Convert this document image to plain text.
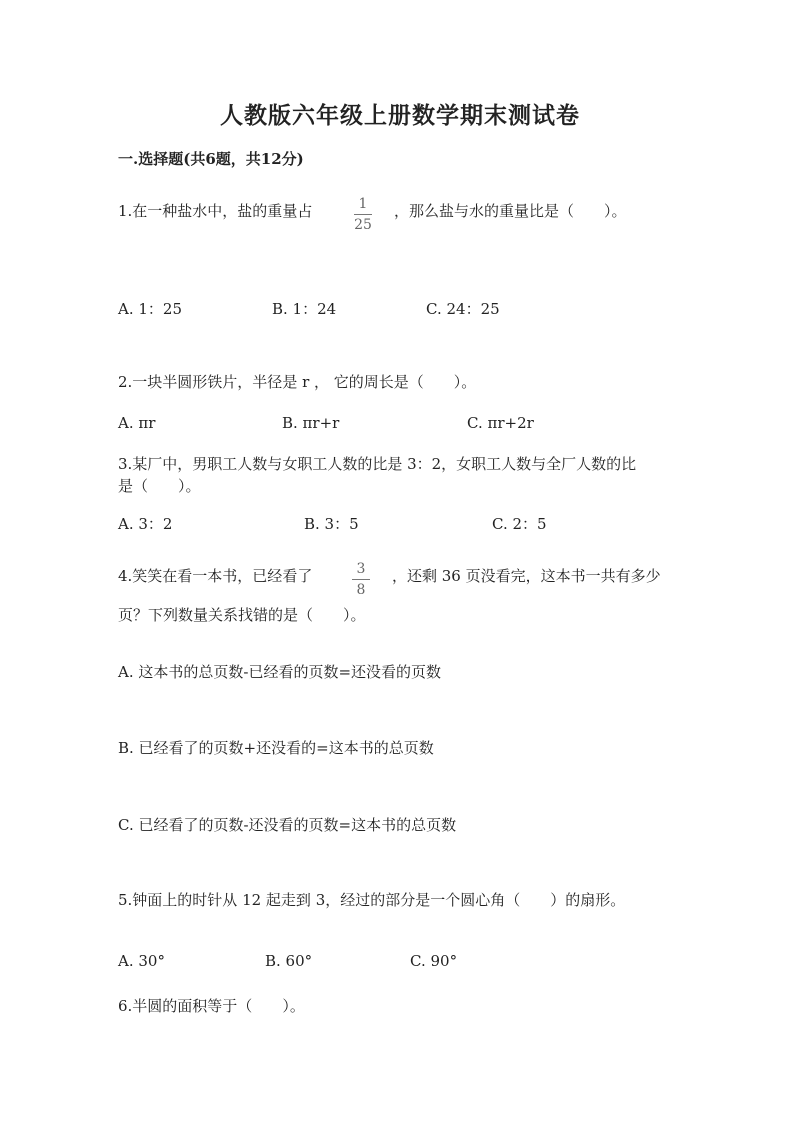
人教版六年级上册数学期末测试卷
一.选择题(共6题，共12分)
1.在一种盐水中，盐的重量占	1
25
，那么盐与水的重量比是（　　）。
A. 1：25	B. 1：24	C. 24：25
2.一块半圆形铁片，半径是 r ， 它的周长是（　　）。
A. πr	B. πr+r	C. πr+2r
3.某厂中，男职工人数与女职工人数的比是 3：2，女职工人数与全厂人数的比
是（　　）。
A. 3：2	B. 3：5	C. 2：5
4.笑笑在看一本书，已经看了	3
8
，还剩 36 页没看完，这本书一共有多少
页？下列数量关系找错的是（　　）。
A. 这本书的总页数-已经看的页数=还没看的页数
B. 已经看了的页数+还没看的=这本书的总页数
C. 已经看了的页数-还没看的页数=这本书的总页数
5.钟面上的时针从 12 起走到 3，经过的部分是一个圆心角（　　）的扇形。
A. 30°	B. 60°	C. 90°
6.半圆的面积等于（　　）。
